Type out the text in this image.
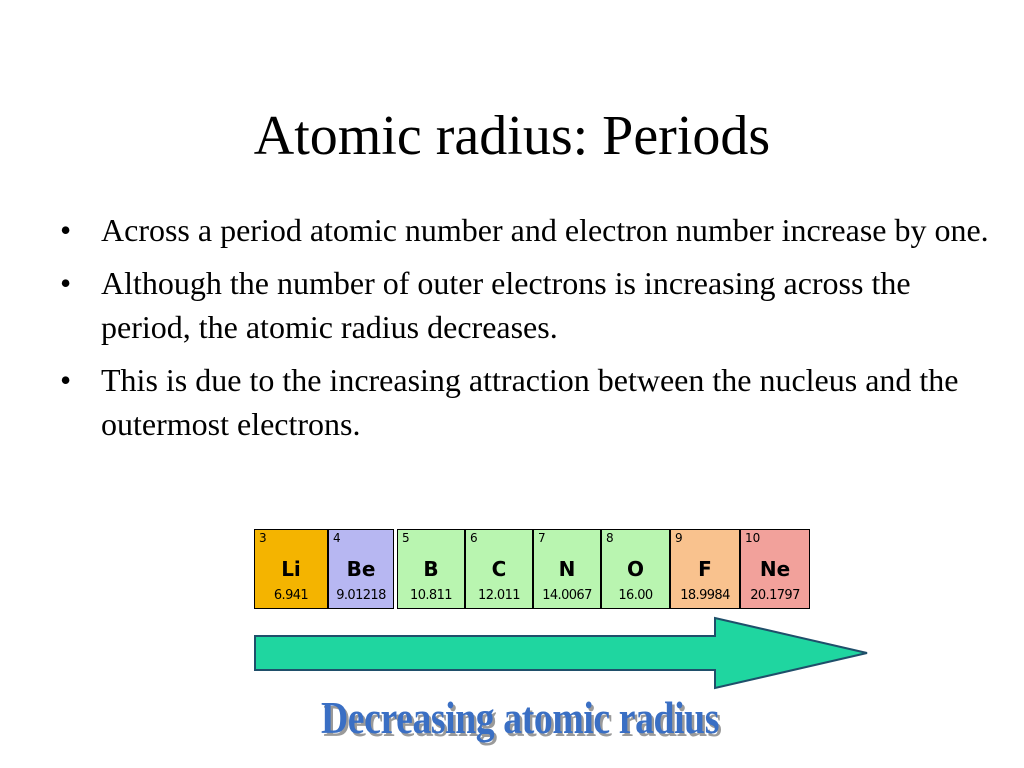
Atomic radius: Periods
• Across a period atomic number and electron number increase by one.
• Although the number of outer electrons is increasing across the period, the atomic radius decreases.
• This is due to the increasing attraction between the nucleus and the outermost electrons.
3
Li
6.941
4
Be
9.01218
5
B
10.811
6
C
12.011
7
N
14.0067
8
O
16.00
9
F
18.9984
10
Ne
20.1797
Decreasing atomic radius
